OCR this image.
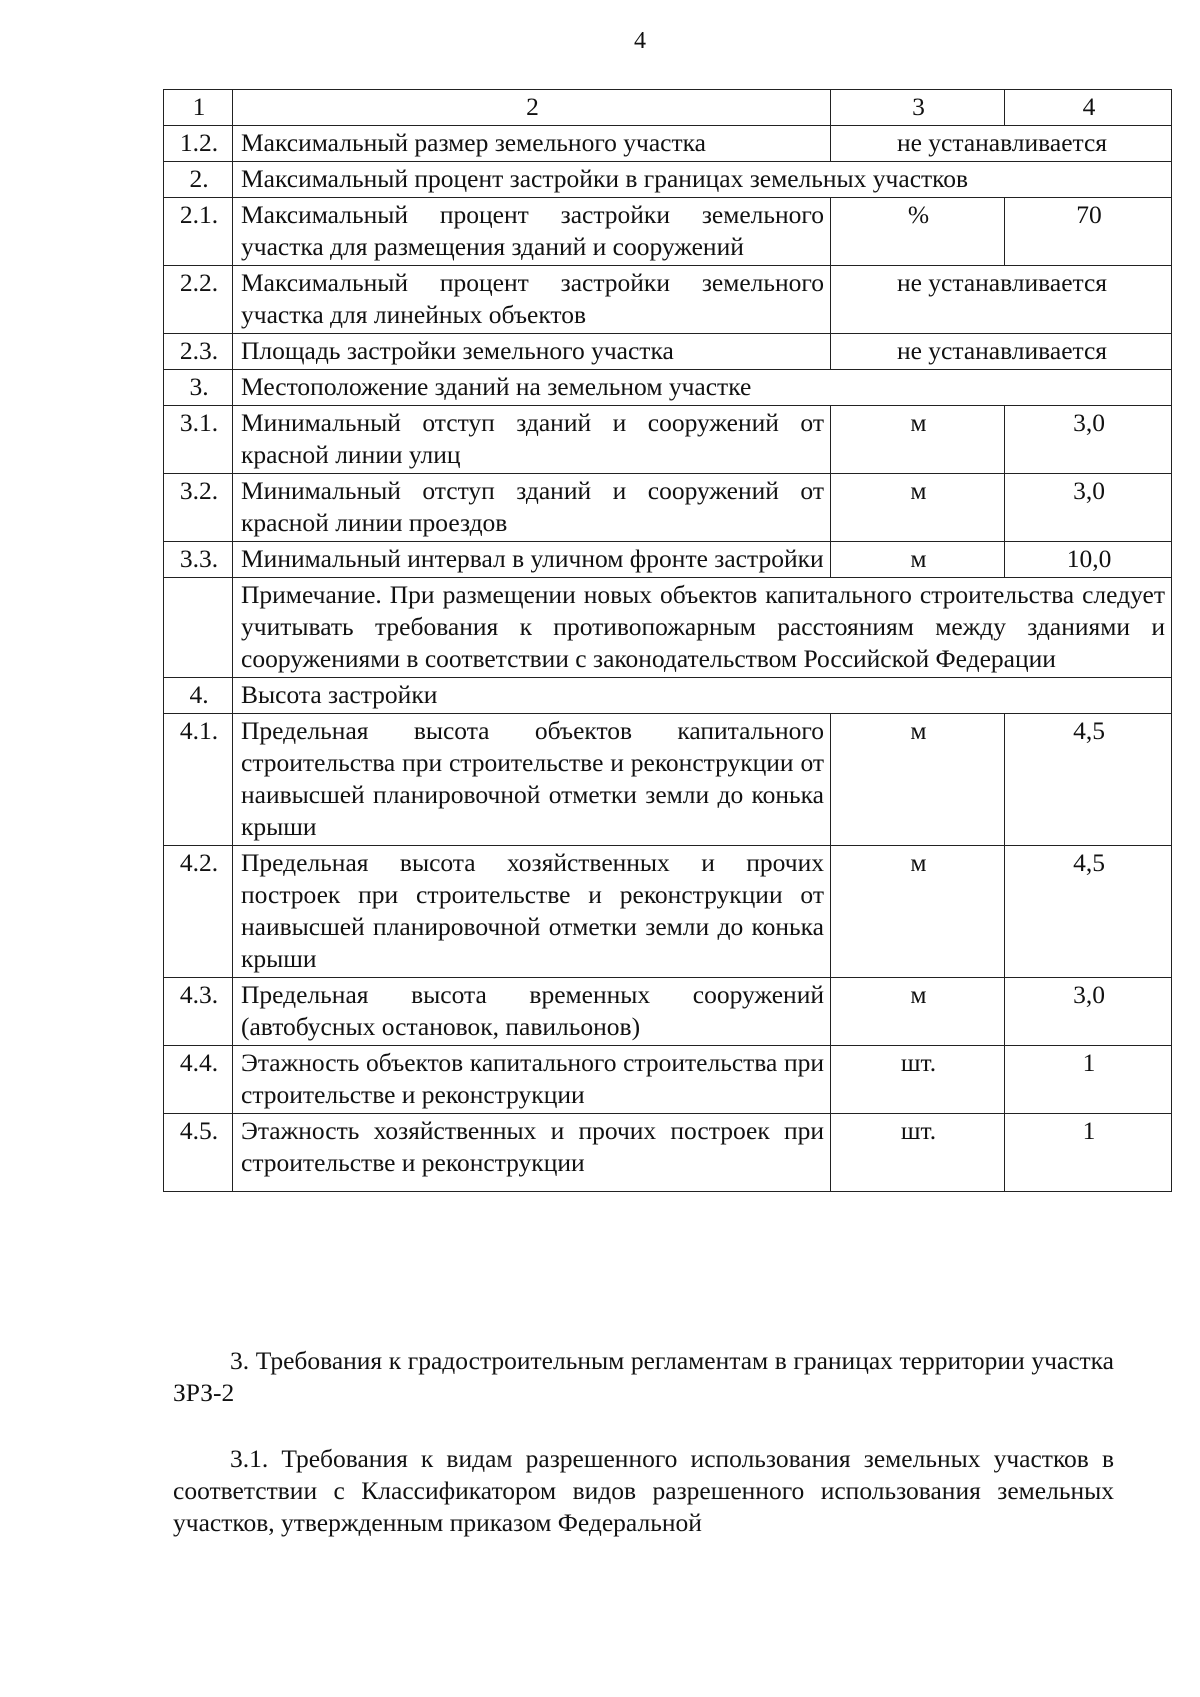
4
1	2	3	4
1.2.	Максимальный размер земельного участка	не устанавливается	
2.	Максимальный процент застройки в границах земельных участков		
2.1.	Максимальный процент застройки земельного участка для размещения зданий и сооружений	%	70
2.2.	Максимальный процент застройки земельного участка для линейных объектов	не устанавливается	
2.3.	Площадь застройки земельного участка	не устанавливается	
3.	Местоположение зданий на земельном участке		
3.1.	Минимальный отступ зданий и сооружений от красной линии улиц	м	3,0
3.2.	Минимальный отступ зданий и сооружений от красной линии проездов	м	3,0
3.3.	Минимальный интервал в уличном фронте застройки	м	10,0
	Примечание. При размещении новых объектов капитального строительства следует учитывать требования к противопожарным расстояниям между зданиями и сооружениями в соответствии с законодательством Российской Федерации		
4.	Высота застройки		
4.1.	Предельная высота объектов капитального строительства при строительстве и реконструкции от наивысшей планировочной отметки земли до конька крыши	м	4,5
4.2.	Предельная высота хозяйственных и прочих построек при строительстве и реконструкции от наивысшей планировочной отметки земли до конька крыши	м	4,5
4.3.	Предельная высота временных сооружений (автобусных остановок, павильонов)	м	3,0
4.4.	Этажность объектов капитального строительства при строительстве и реконструкции	шт.	1
4.5.	Этажность хозяйственных и прочих построек при строительстве и реконструкции	шт.	1

3. Требования к градостроительным регламентам в границах территории участка ЗРЗ-2

3.1. Требования к видам разрешенного использования земельных участков в соответствии с Классификатором видов разрешенного использования земельных участков, утвержденным приказом Федеральной
